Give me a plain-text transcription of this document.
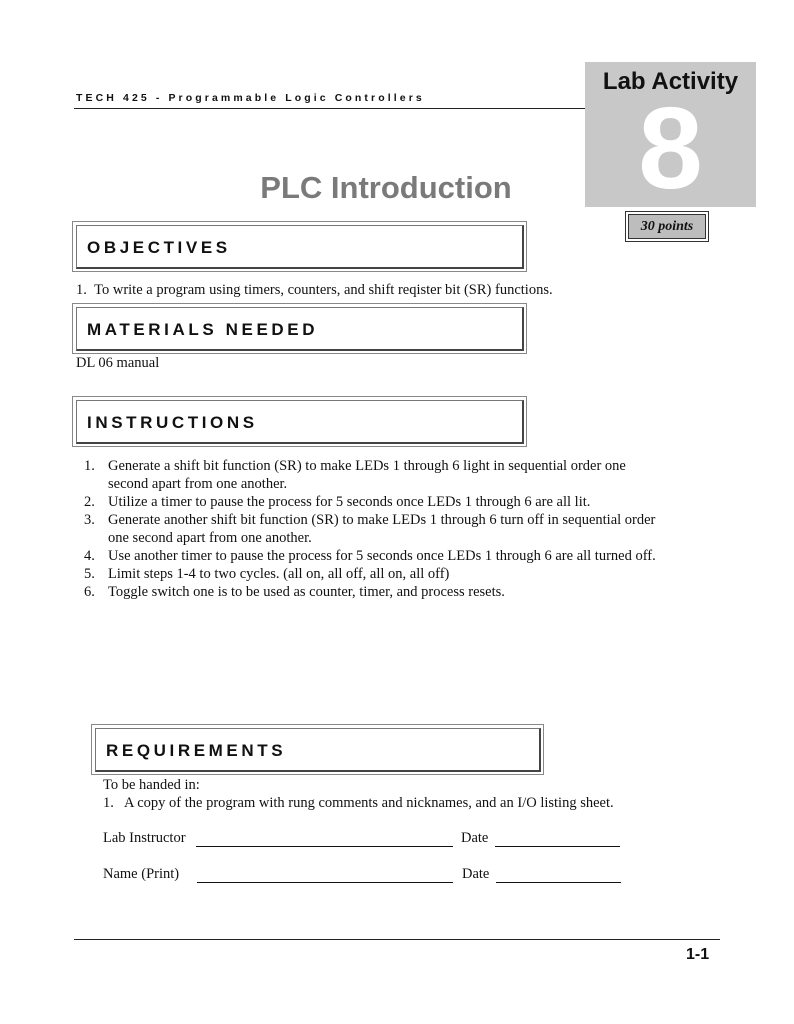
TECH 425 - Programmable Logic Controllers
Lab Activity
8
30 points
PLC Introduction
OBJECTIVES
1. To write a program using timers, counters, and shift reqister bit (SR) functions.
MATERIALS NEEDED
DL 06 manual
INSTRUCTIONS
1. Generate a shift bit function (SR) to make LEDs 1 through 6 light in sequential order one
second apart from one another.
2. Utilize a timer to pause the process for 5 seconds once LEDs 1 through 6 are all lit.
3. Generate another shift bit function (SR) to make LEDs 1 through 6 turn off in sequential order
one second apart from one another.
4. Use another timer to pause the process for 5 seconds once LEDs 1 through 6 are all turned off.
5. Limit steps 1-4 to two cycles. (all on, all off, all on, all off)
6. Toggle switch one is to be used as counter, timer, and process resets.
REQUIREMENTS
To be handed in:
1.   A copy of the program with rung comments and nicknames, and an I/O listing sheet.
Lab Instructor	Date
Name (Print)	Date
1-1
